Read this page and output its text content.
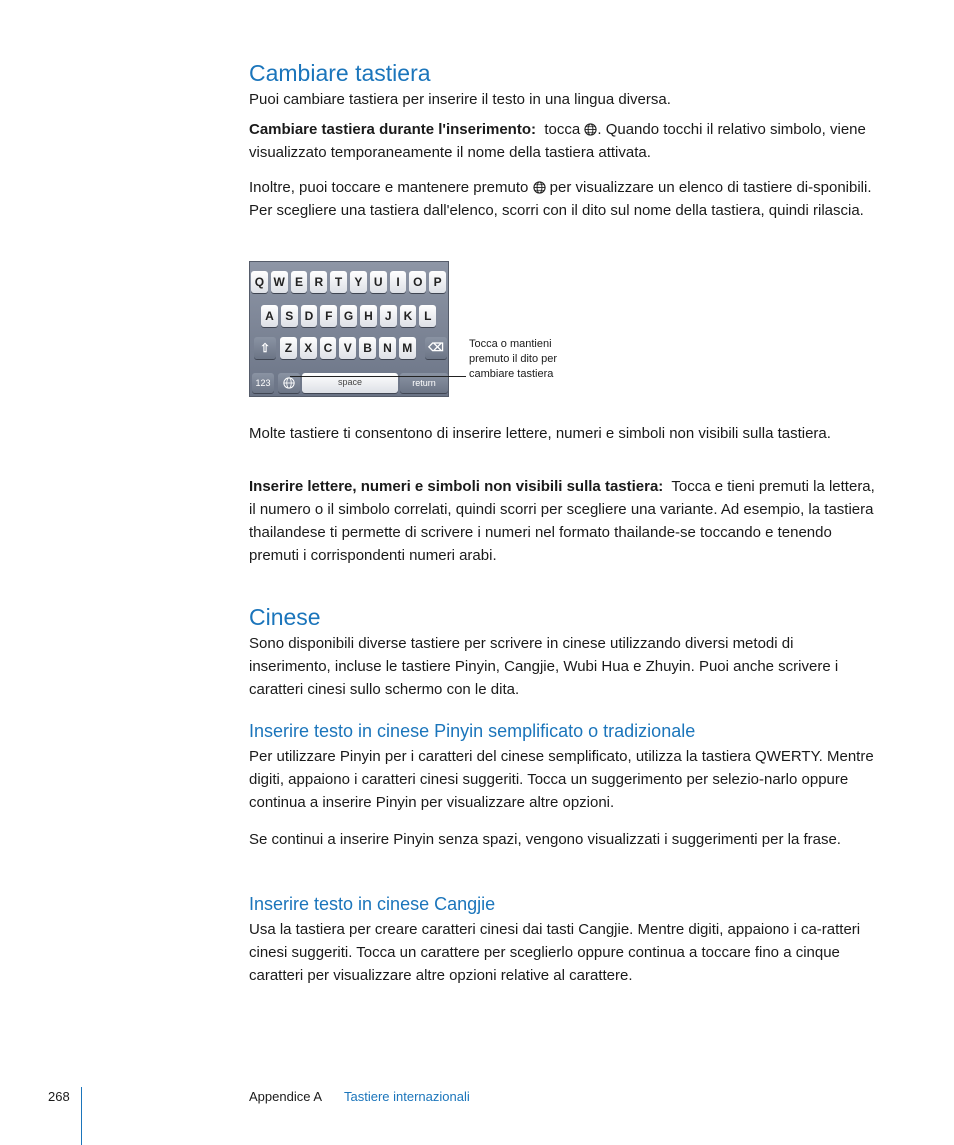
Cambiare tastiera

Puoi cambiare tastiera per inserire il testo in una lingua diversa.

Cambiare tastiera durante l'inserimento: tocca . Quando tocchi il relativo simbolo, viene visualizzato temporaneamente il nome della tastiera attivata.

Inoltre, puoi toccare e mantenere premuto per visualizzare un elenco di tastiere di-sponibili. Per scegliere una tastiera dall'elenco, scorri con il dito sul nome della tastiera, quindi rilascia.

Q W E R T	Y U	I	O P
A S D F G H	J	K L
⇧	Z	X C V B N M	⌫
123	space	return
Tocca o mantieni
premuto il dito per
cambiare tastiera

Molte tastiere ti consentono di inserire lettere, numeri e simboli non visibili sulla tastiera.

Inserire lettere, numeri e simboli non visibili sulla tastiera: Tocca e tieni premuti la lettera, il numero o il simbolo correlati, quindi scorri per scegliere una variante. Ad esempio, la tastiera thailandese ti permette di scrivere i numeri nel formato thailande-se toccando e tenendo premuti i corrispondenti numeri arabi.

Cinese

Sono disponibili diverse tastiere per scrivere in cinese utilizzando diversi metodi di inserimento, incluse le tastiere Pinyin, Cangjie, Wubi Hua e Zhuyin. Puoi anche scrivere i caratteri cinesi sullo schermo con le dita.

Inserire testo in cinese Pinyin semplificato o tradizionale

Per utilizzare Pinyin per i caratteri del cinese semplificato, utilizza la tastiera QWERTY. Mentre digiti, appaiono i caratteri cinesi suggeriti. Tocca un suggerimento per selezio-narlo oppure continua a inserire Pinyin per visualizzare altre opzioni.

Se continui a inserire Pinyin senza spazi, vengono visualizzati i suggerimenti per la frase.

Inserire testo in cinese Cangjie

Usa la tastiera per creare caratteri cinesi dai tasti Cangjie. Mentre digiti, appaiono i ca-ratteri cinesi suggeriti. Tocca un carattere per sceglierlo oppure continua a toccare fino a cinque caratteri per visualizzare altre opzioni relative al carattere.

268	Appendice A Tastiere internazionali
